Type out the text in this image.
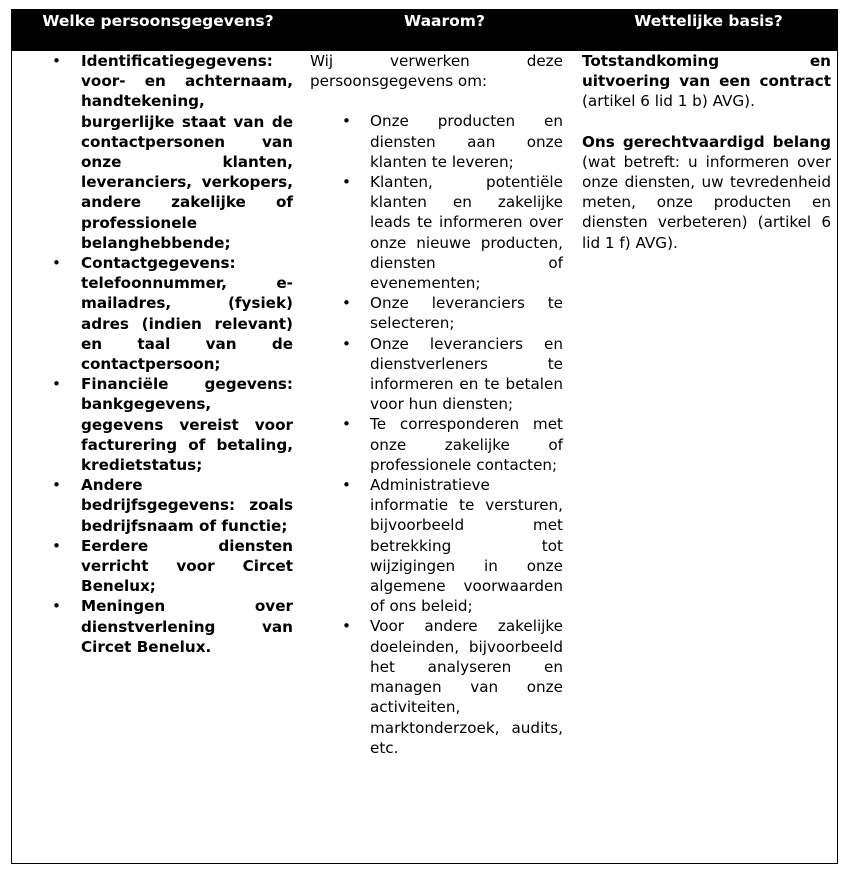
Welke persoonsgegevens?	Waarom?	Wettelijke basis?
• Identificatiegegevens: voor- en achternaam, handtekening, burgerlijke staat van de contactpersonen van onze klanten, leveranciers, verkopers, andere zakelijke of professionele belanghebbende;
• Contactgegevens: telefoonnummer, e-mailadres, (fysiek) adres (indien relevant) en taal van de contactpersoon;
• Financiële gegevens: bankgegevens, gegevens vereist voor facturering of betaling, kredietstatus;
• Andere bedrijfsgegevens: zoals bedrijfsnaam of functie;
• Eerdere diensten verricht voor Circet Benelux;
• Meningen over dienstverlening van Circet Benelux.

Wij verwerken deze

persoonsgegevens om:

• Onze producten en diensten aan onze klanten te leveren;
• Klanten, potentiële klanten en zakelijke leads te informeren over onze nieuwe producten, diensten of evenementen;
• Onze leveranciers te selecteren;
• Onze leveranciers en dienstverleners te informeren en te betalen voor hun diensten;
• Te corresponderen met onze zakelijke of professionele contacten;
• Administratieve informatie te versturen, bijvoorbeeld met betrekking tot wijzigingen in onze algemene voorwaarden of ons beleid;
• Voor andere zakelijke doeleinden, bijvoorbeeld het analyseren en managen van onze activiteiten, marktonderzoek, audits, etc.

Totstandkoming en uitvoering van een contract (artikel 6 lid 1 b) AVG).

Ons gerechtvaardigd belang (wat betreft: u informeren over onze diensten, uw tevredenheid meten, onze producten en diensten verbeteren) (artikel 6 lid 1 f) AVG).
